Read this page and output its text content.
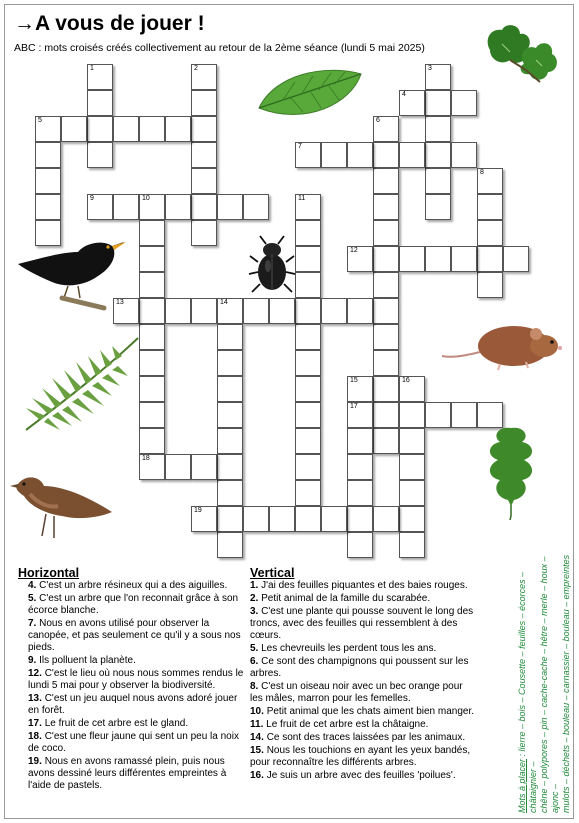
→A vous de jouer !
ABC : mots croisés créés collectivement au retour de la 2ème séance (lundi 5 mai 2025)
1	2	3
4
5	6
7
8
9	10	11
12
13	14
15
17
16
18
19
Horizontal
4. C'est un arbre résineux qui a des aiguilles.
5. C'est un arbre que l'on reconnait grâce à son écorce blanche.
7. Nous en avons utilisé pour observer la canopée, et pas seulement ce qu'il y a sous nos pieds.
9. Ils polluent la planète.
12. C'est le lieu où nous nous sommes rendus le lundi 5 mai pour y observer la biodiversité.
13. C'est un jeu auquel nous avons adoré jouer en forêt.
17. Le fruit de cet arbre est le gland.
18. C'est une fleur jaune qui sent un peu la noix de coco.
19. Nous en avons ramassé plein, puis nous avons dessiné leurs différentes empreintes à l'aide de pastels.
Vertical
1. J'ai des feuilles piquantes et des baies rouges.
2. Petit animal de la famille du scarabée.
3. C'est une plante qui pousse souvent le long des troncs, avec des feuilles qui ressemblent à des cœurs.
5. Les chevreuils les perdent tous les ans.
6. Ce sont des champignons qui poussent sur les arbres.
8. C'est un oiseau noir avec un bec orange pour les mâles, marron pour les femelles.
10. Petit animal que les chats aiment bien manger.
11. Le fruit de cet arbre est la châtaigne.
14. Ce sont des traces laissées par les animaux.
15. Nous les touchions en ayant les yeux bandés, pour reconnaître les différents arbres.
16. Je suis un arbre avec des feuilles 'poilues'.	Mots à placer : lierre – bois – Cousette – feuilles – écorces – châtaignier – chêne – polypores – pin – cache-cache – hêtre – merle – houx – ajonc – mulots – déchets – bouleau – carnassier – bouleau – empreintes
